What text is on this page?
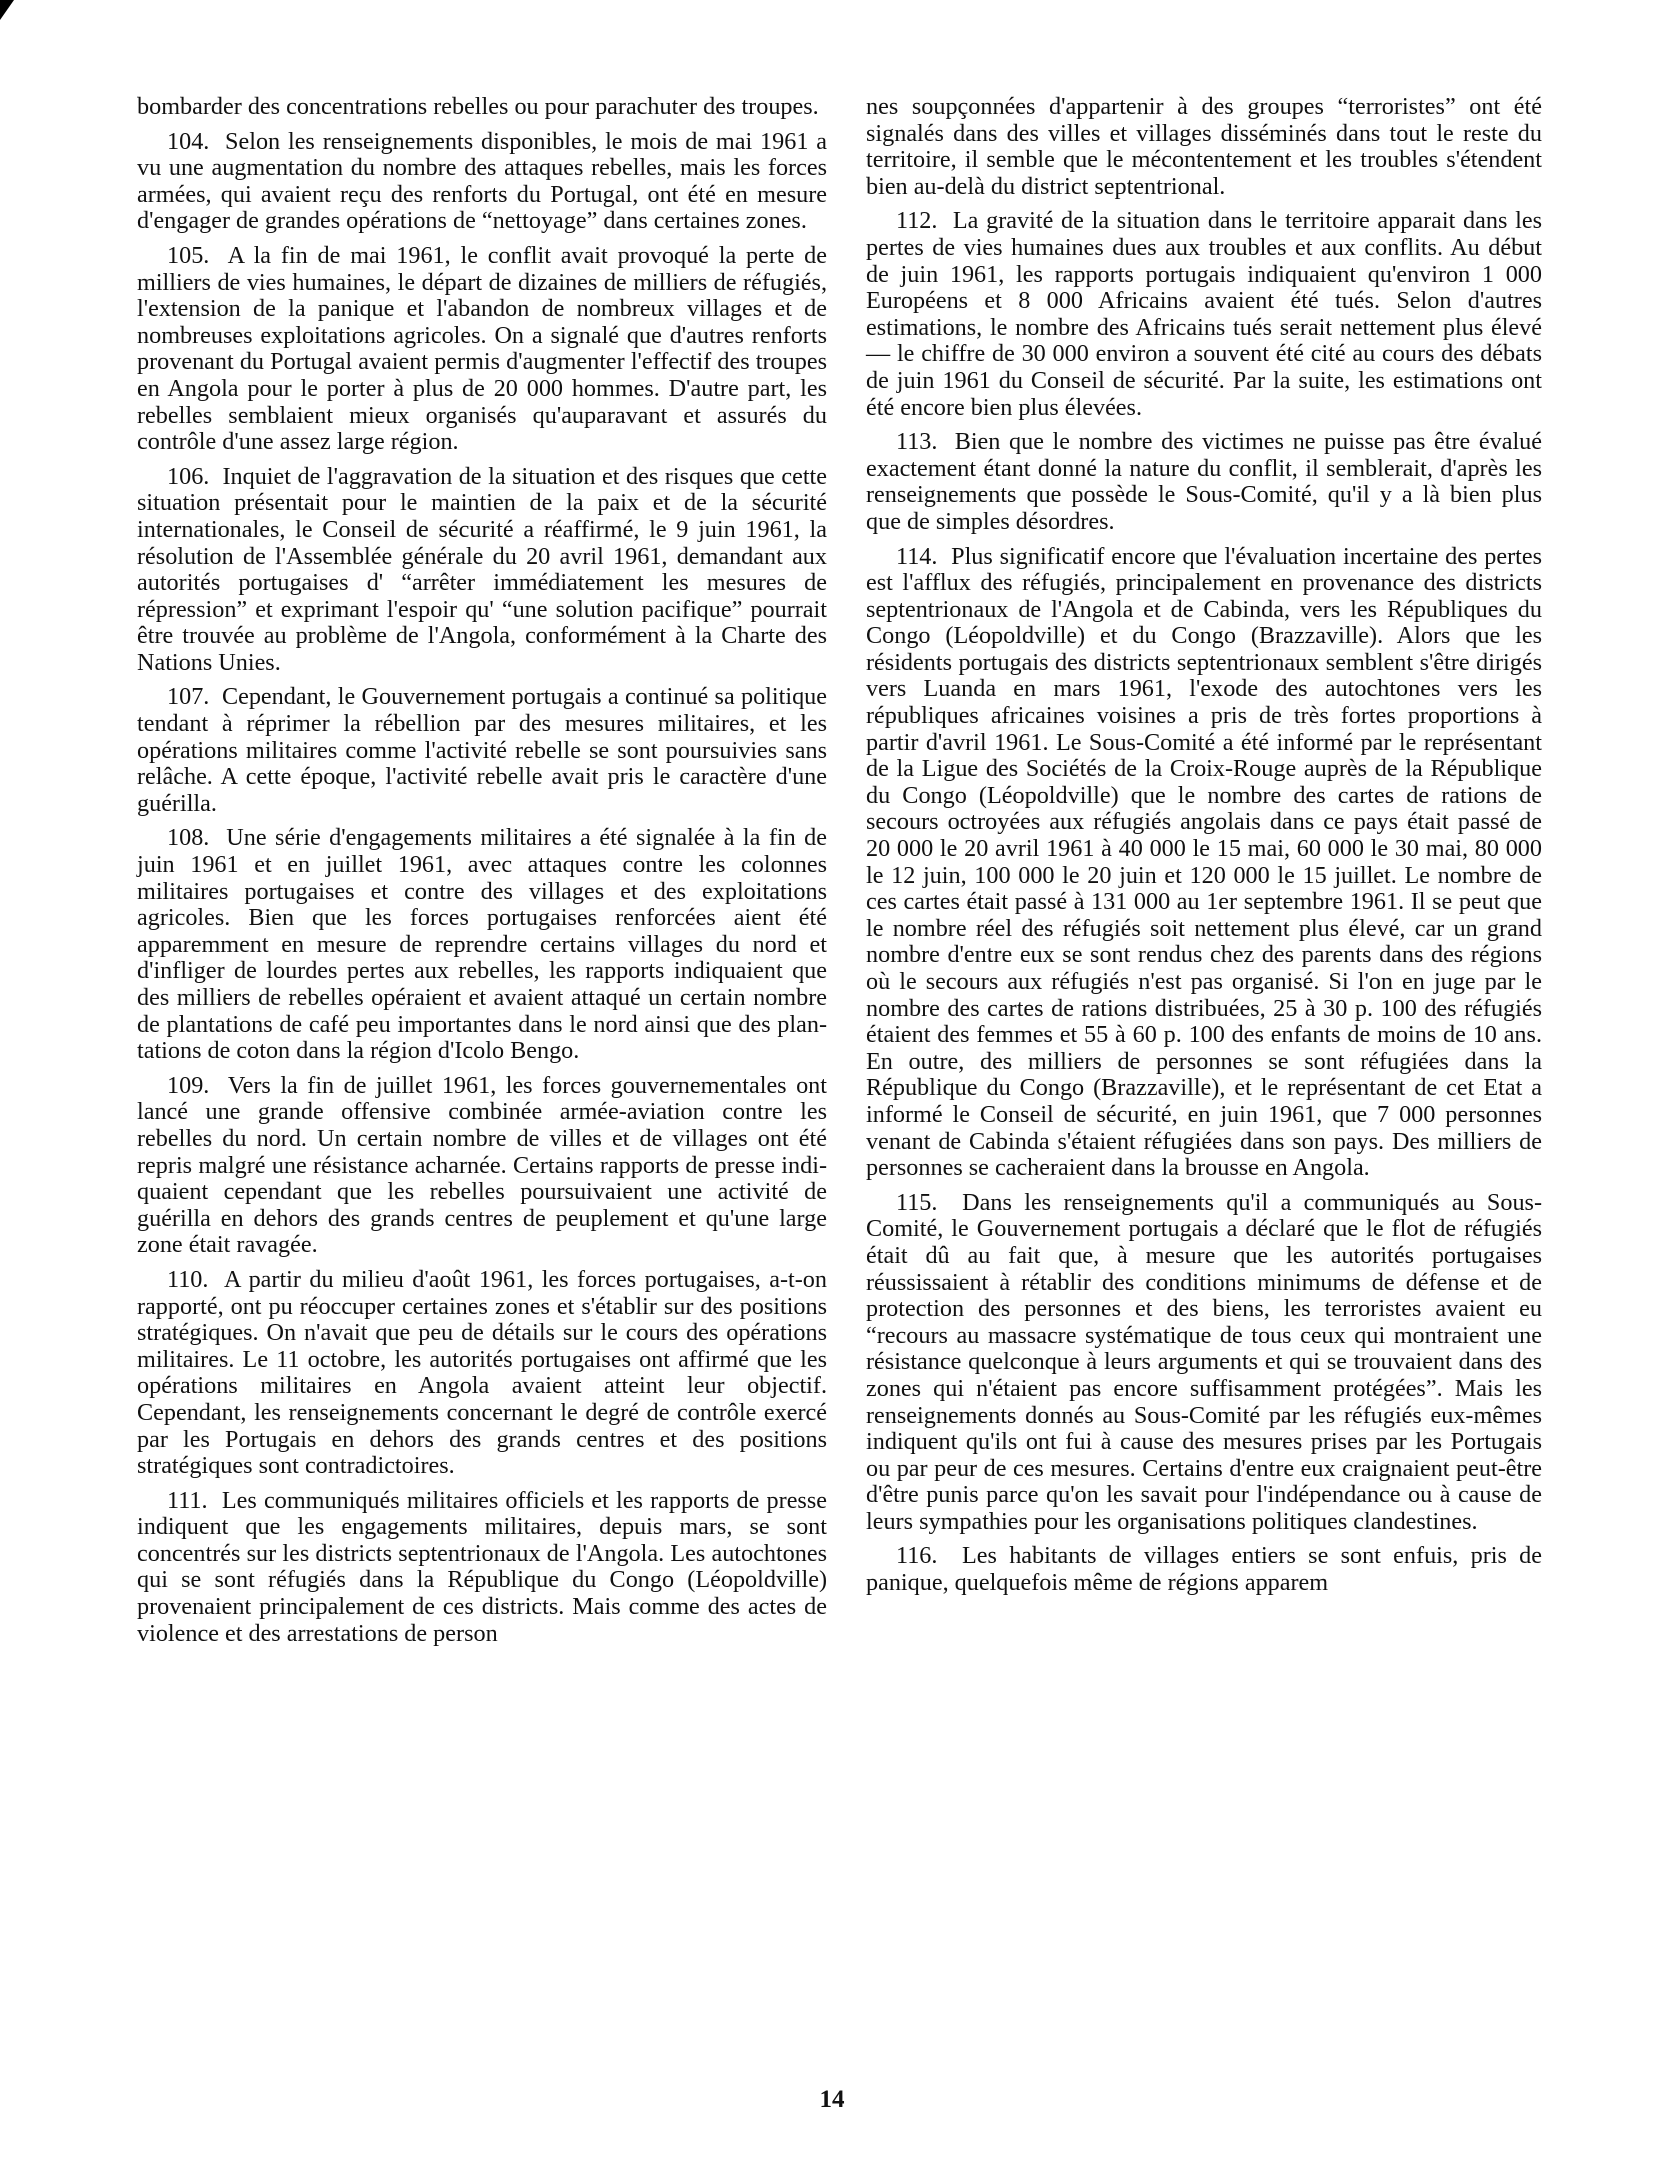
bombarder des concentrations rebelles ou pour parachuter des troupes.

104. Selon les renseignements disponibles, le mois de mai 1961 a vu une augmentation du nombre des attaques rebelles, mais les forces armées, qui avaient reçu des renforts du Portugal, ont été en mesure d'engager de grandes opérations de “nettoyage” dans certaines zones.

105. A la fin de mai 1961, le conflit avait provoqué la perte de milliers de vies humaines, le départ de dizaines de milliers de réfugiés, l'extension de la panique et l'abandon de nombreux villages et de nombreuses exploitations agricoles. On a signalé que d'autres renforts provenant du Portugal avaient permis d'augmenter l'effectif des troupes en Angola pour le porter à plus de 20 000 hommes. D'autre part, les rebelles semblaient mieux organisés qu'auparavant et assurés du contrôle d'une assez large région.

106. Inquiet de l'aggravation de la situation et des risques que cette situation présentait pour le maintien de la paix et de la sécurité internationales, le Conseil de sécurité a réaffirmé, le 9 juin 1961, la résolution de l'Assemblée générale du 20 avril 1961, demandant aux autorités portugaises d' “arrêter immédiatement les mesures de répression” et exprimant l'espoir qu' “une solution pacifique” pourrait être trouvée au problème de l'Angola, conformément à la Charte des Nations Unies.

107. Cependant, le Gouvernement portugais a continué sa politique tendant à réprimer la rébellion par des mesures militaires, et les opérations militaires comme l'activité rebelle se sont poursuivies sans relâche. A cette époque, l'activité rebelle avait pris le caractère d'une guérilla.

108. Une série d'engagements militaires a été signalée à la fin de juin 1961 et en juillet 1961, avec attaques contre les colonnes militaires portugaises et contre des villages et des exploitations agricoles. Bien que les forces portugaises renforcées aient été apparemment en mesure de reprendre certains villages du nord et d'infliger de lourdes pertes aux rebelles, les rapports indiquaient que des milliers de rebelles opéraient et avaient attaqué un certain nombre de plantations de café peu importantes dans le nord ainsi que des plantations de coton dans la région d'Icolo Bengo.

109. Vers la fin de juillet 1961, les forces gouvernementales ont lancé une grande offensive combinée armée-aviation contre les rebelles du nord. Un certain nombre de villes et de villages ont été repris malgré une résistance acharnée. Certains rapports de presse indiquaient cependant que les rebelles poursuivaient une activité de guérilla en dehors des grands centres de peuplement et qu'une large zone était ravagée.

110. A partir du milieu d'août 1961, les forces portugaises, a-t-on rapporté, ont pu réoccuper certaines zones et s'établir sur des positions stratégiques. On n'avait que peu de détails sur le cours des opérations militaires. Le 11 octobre, les autorités portugaises ont affirmé que les opérations militaires en Angola avaient atteint leur objectif. Cependant, les renseignements concernant le degré de contrôle exercé par les Portugais en dehors des grands centres et des positions stratégiques sont contradictoires.

111. Les communiqués militaires officiels et les rapports de presse indiquent que les engagements militaires, depuis mars, se sont concentrés sur les districts septentrionaux de l'Angola. Les autochtones qui se sont réfugiés dans la République du Congo (Léopoldville) provenaient principalement de ces districts. Mais comme des actes de violence et des arrestations de person

nes soupçonnées d'appartenir à des groupes “terroristes” ont été signalés dans des villes et villages disséminés dans tout le reste du territoire, il semble que le mécontentement et les troubles s'étendent bien au-delà du district septentrional.

112. La gravité de la situation dans le territoire apparait dans les pertes de vies humaines dues aux troubles et aux conflits. Au début de juin 1961, les rapports portugais indiquaient qu'environ 1 000 Européens et 8 000 Africains avaient été tués. Selon d'autres estimations, le nombre des Africains tués serait nettement plus élevé — le chiffre de 30 000 environ a souvent été cité au cours des débats de juin 1961 du Conseil de sécurité. Par la suite, les estimations ont été encore bien plus élevées.

113. Bien que le nombre des victimes ne puisse pas être évalué exactement étant donné la nature du conflit, il semblerait, d'après les renseignements que possède le Sous-Comité, qu'il y a là bien plus que de simples désordres.

114. Plus significatif encore que l'évaluation incertaine des pertes est l'afflux des réfugiés, principalement en provenance des districts septentrionaux de l'Angola et de Cabinda, vers les Républiques du Congo (Léopoldville) et du Congo (Brazzaville). Alors que les résidents portugais des districts septentrionaux semblent s'être dirigés vers Luanda en mars 1961, l'exode des autochtones vers les républiques africaines voisines a pris de très fortes proportions à partir d'avril 1961. Le Sous-Comité a été informé par le représentant de la Ligue des Sociétés de la Croix-Rouge auprès de la République du Congo (Léopoldville) que le nombre des cartes de rations de secours octroyées aux réfugiés angolais dans ce pays était passé de 20 000 le 20 avril 1961 à 40 000 le 15 mai, 60 000 le 30 mai, 80 000 le 12 juin, 100 000 le 20 juin et 120 000 le 15 juillet. Le nombre de ces cartes était passé à 131 000 au 1er septembre 1961. Il se peut que le nombre réel des réfugiés soit nettement plus élevé, car un grand nombre d'entre eux se sont rendus chez des parents dans des régions où le secours aux réfugiés n'est pas organisé. Si l'on en juge par le nombre des cartes de rations distribuées, 25 à 30 p. 100 des réfugiés étaient des femmes et 55 à 60 p. 100 des enfants de moins de 10 ans. En outre, des milliers de personnes se sont réfugiées dans la République du Congo (Brazzaville), et le représentant de cet Etat a informé le Conseil de sécurité, en juin 1961, que 7 000 personnes venant de Cabinda s'étaient réfugiées dans son pays. Des milliers de personnes se cacheraient dans la brousse en Angola.

115. Dans les renseignements qu'il a communiqués au Sous-Comité, le Gouvernement portugais a déclaré que le flot de réfugiés était dû au fait que, à mesure que les autorités portugaises réussissaient à rétablir des conditions minimums de défense et de protection des personnes et des biens, les terroristes avaient eu “recours au massacre systématique de tous ceux qui montraient une résistance quelconque à leurs arguments et qui se trouvaient dans des zones qui n'étaient pas encore suffisamment protégées”. Mais les renseignements donnés au Sous-Comité par les réfugiés eux-mêmes indiquent qu'ils ont fui à cause des mesures prises par les Portugais ou par peur de ces mesures. Certains d'entre eux craignaient peut-être d'être punis parce qu'on les savait pour l'indépendance ou à cause de leurs sympathies pour les organisations politiques clandestines.

116. Les habitants de villages entiers se sont enfuis, pris de panique, quelquefois même de régions apparem

14
